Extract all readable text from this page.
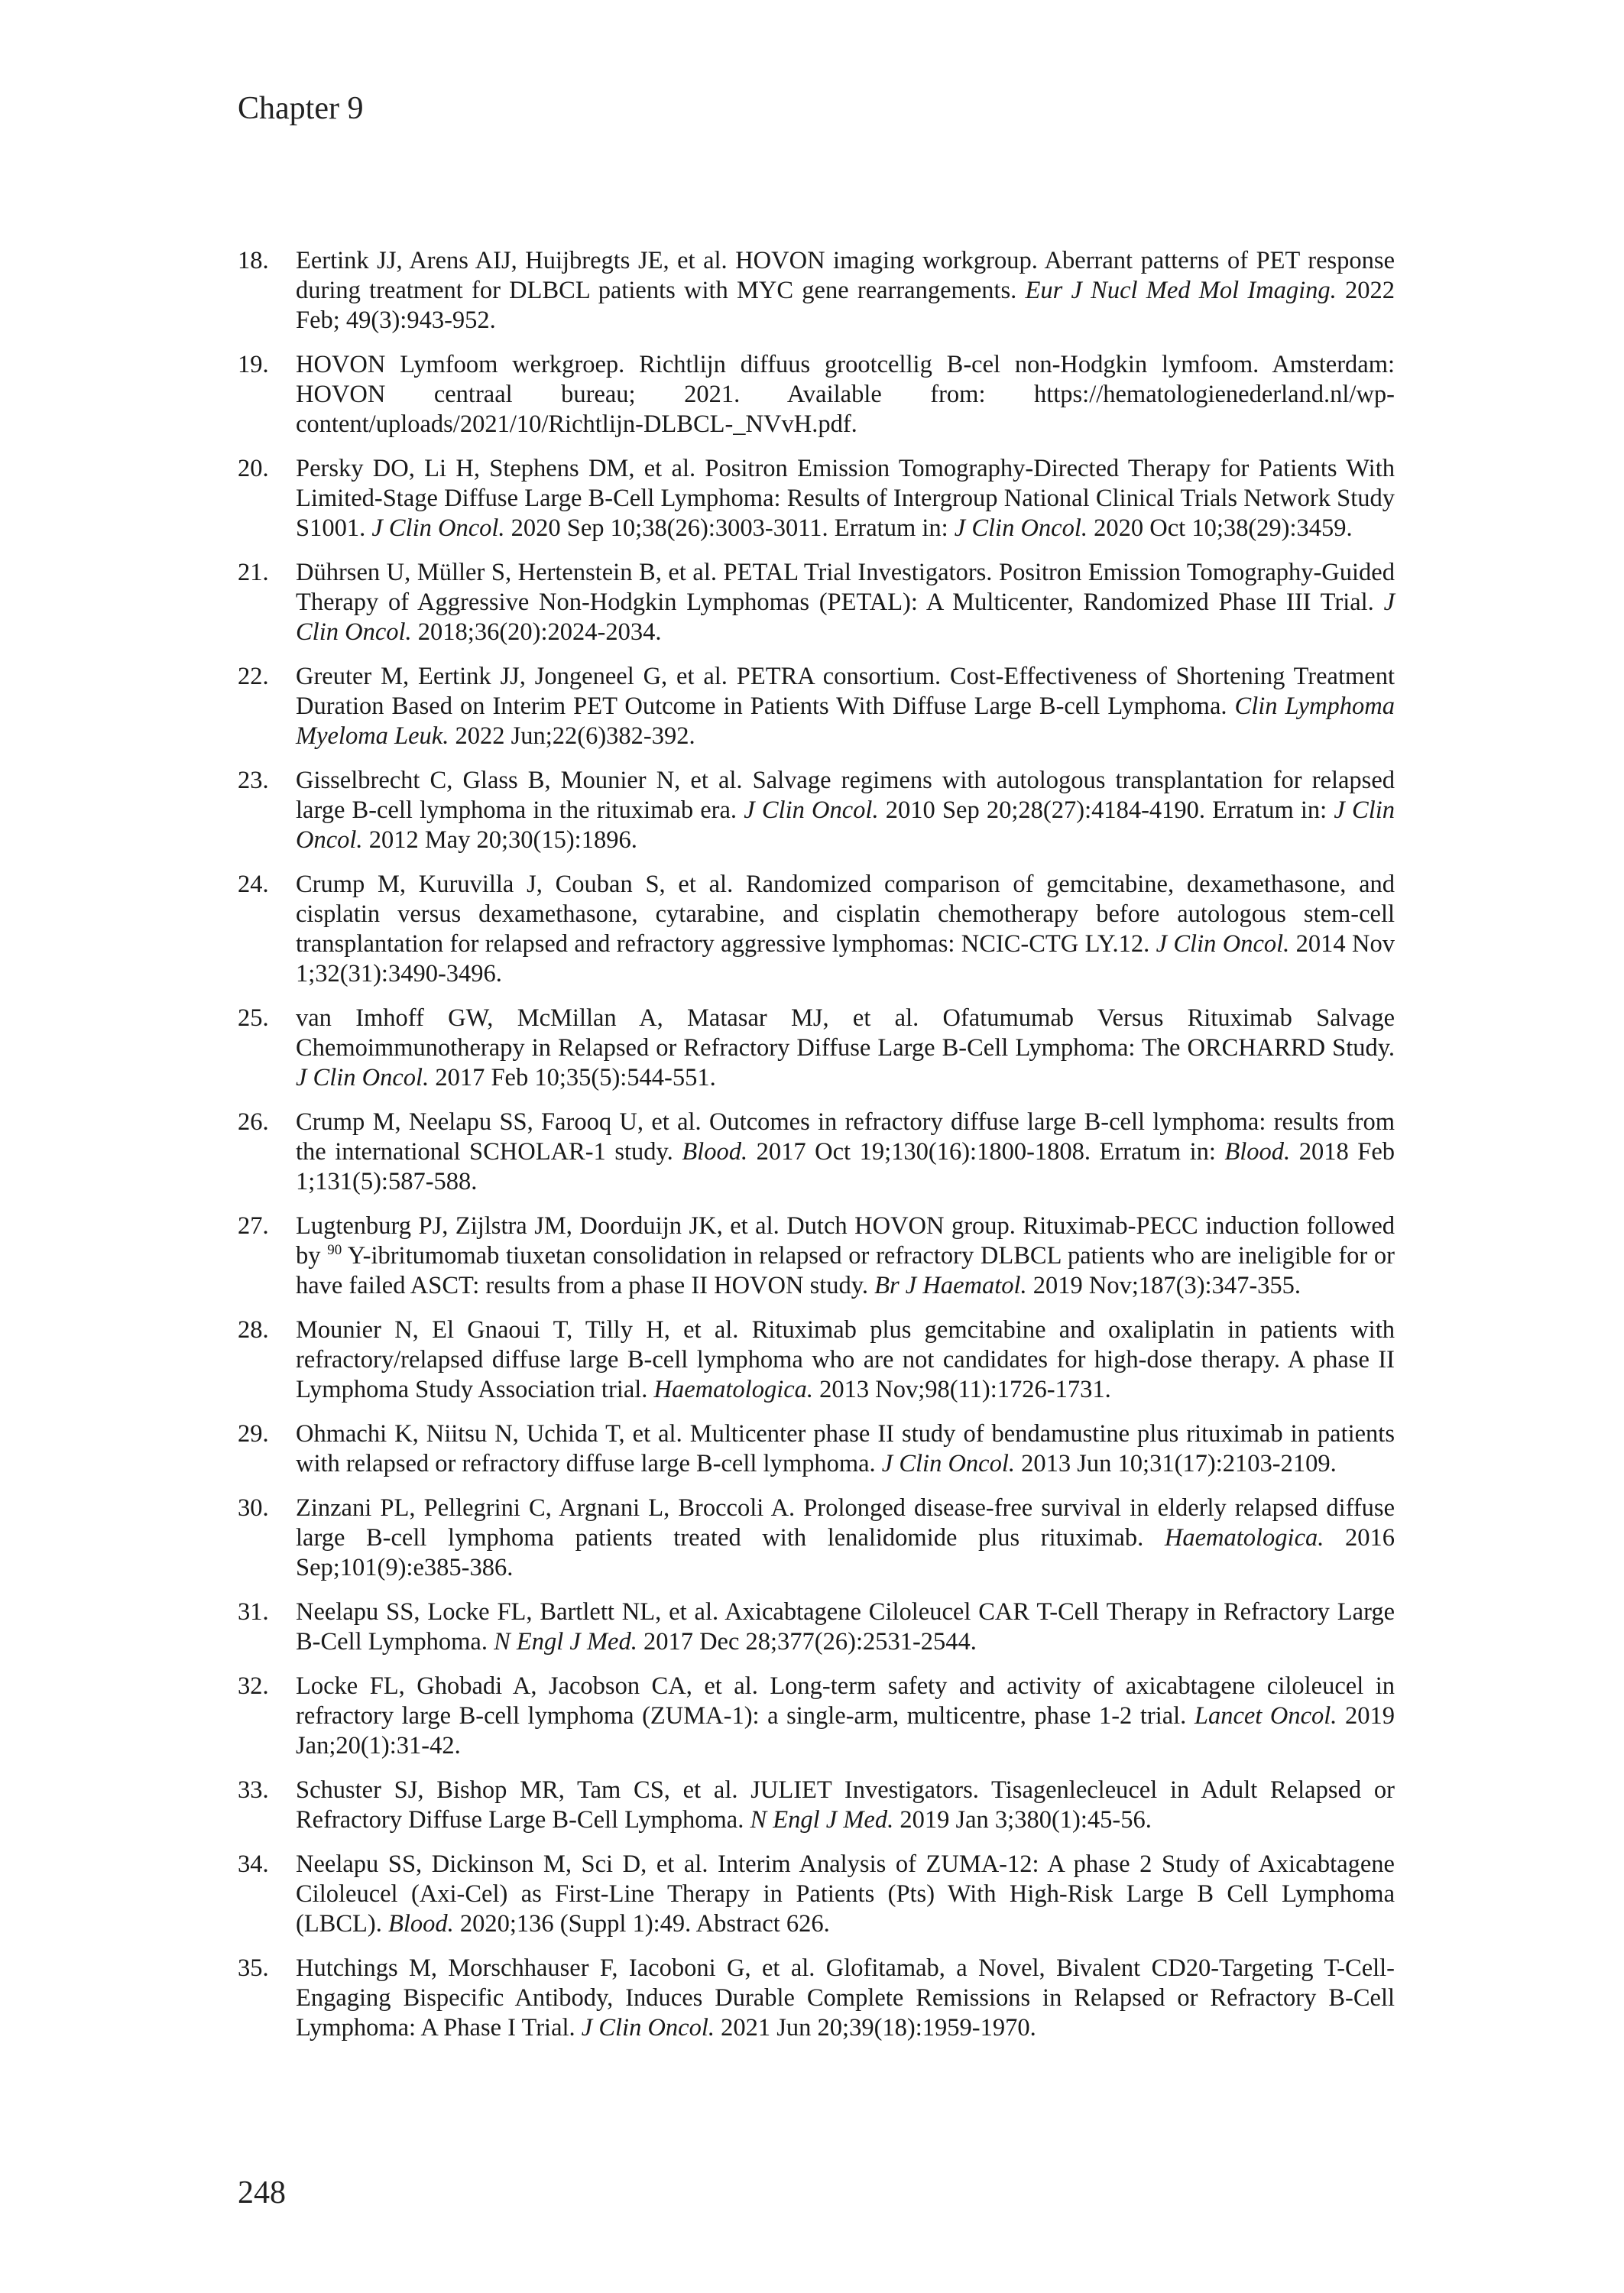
Chapter 9
18. Eertink JJ, Arens AIJ, Huijbregts JE, et al. HOVON imaging workgroup. Aberrant patterns of PET response during treatment for DLBCL patients with MYC gene rearrangements. Eur J Nucl Med Mol Imaging. 2022 Feb; 49(3):943-952.
19. HOVON Lymfoom werkgroep. Richtlijn diffuus grootcellig B-cel non-Hodgkin lymfoom. Amsterdam: HOVON centraal bureau; 2021. Available from: https://hematologienederland.nl/wp-content/uploads/2021/10/Richtlijn-DLBCL-_NVvH.pdf.
20. Persky DO, Li H, Stephens DM, et al. Positron Emission Tomography-Directed Therapy for Patients With Limited-Stage Diffuse Large B-Cell Lymphoma: Results of Intergroup National Clinical Trials Network Study S1001. J Clin Oncol. 2020 Sep 10;38(26):3003-3011. Erratum in: J Clin Oncol. 2020 Oct 10;38(29):3459.
21. Dührsen U, Müller S, Hertenstein B, et al. PETAL Trial Investigators. Positron Emission Tomography-Guided Therapy of Aggressive Non-Hodgkin Lymphomas (PETAL): A Multicenter, Randomized Phase III Trial. J Clin Oncol. 2018;36(20):2024-2034.
22. Greuter M, Eertink JJ, Jongeneel G, et al. PETRA consortium. Cost-Effectiveness of Shortening Treatment Duration Based on Interim PET Outcome in Patients With Diffuse Large B-cell Lymphoma. Clin Lymphoma Myeloma Leuk. 2022 Jun;22(6)382-392.
23. Gisselbrecht C, Glass B, Mounier N, et al. Salvage regimens with autologous transplantation for relapsed large B-cell lymphoma in the rituximab era. J Clin Oncol. 2010 Sep 20;28(27):4184-4190. Erratum in: J Clin Oncol. 2012 May 20;30(15):1896.
24. Crump M, Kuruvilla J, Couban S, et al. Randomized comparison of gemcitabine, dexamethasone, and cisplatin versus dexamethasone, cytarabine, and cisplatin chemotherapy before autologous stem-cell transplantation for relapsed and refractory aggressive lymphomas: NCIC-CTG LY.12. J Clin Oncol. 2014 Nov 1;32(31):3490-3496.
25. van Imhoff GW, McMillan A, Matasar MJ, et al. Ofatumumab Versus Rituximab Salvage Chemoimmunotherapy in Relapsed or Refractory Diffuse Large B-Cell Lymphoma: The ORCHARRD Study. J Clin Oncol. 2017 Feb 10;35(5):544-551.
26. Crump M, Neelapu SS, Farooq U, et al. Outcomes in refractory diffuse large B-cell lymphoma: results from the international SCHOLAR-1 study. Blood. 2017 Oct 19;130(16):1800-1808. Erratum in: Blood. 2018 Feb 1;131(5):587-588.
27. Lugtenburg PJ, Zijlstra JM, Doorduijn JK, et al. Dutch HOVON group. Rituximab-PECC induction followed by $^{90}$ Y-ibritumomab tiuxetan consolidation in relapsed or refractory DLBCL patients who are ineligible for or have failed ASCT: results from a phase II HOVON study. Br J Haematol. 2019 Nov;187(3):347-355.
28. Mounier N, El Gnaoui T, Tilly H, et al. Rituximab plus gemcitabine and oxaliplatin in patients with refractory/relapsed diffuse large B-cell lymphoma who are not candidates for high-dose therapy. A phase II Lymphoma Study Association trial. Haematologica. 2013 Nov;98(11):1726-1731.
29. Ohmachi K, Niitsu N, Uchida T, et al. Multicenter phase II study of bendamustine plus rituximab in patients with relapsed or refractory diffuse large B-cell lymphoma. J Clin Oncol. 2013 Jun 10;31(17):2103-2109.
30. Zinzani PL, Pellegrini C, Argnani L, Broccoli A. Prolonged disease-free survival in elderly relapsed diffuse large B-cell lymphoma patients treated with lenalidomide plus rituximab. Haematologica. 2016 Sep;101(9):e385-386.
31. Neelapu SS, Locke FL, Bartlett NL, et al. Axicabtagene Ciloleucel CAR T-Cell Therapy in Refractory Large B-Cell Lymphoma. N Engl J Med. 2017 Dec 28;377(26):2531-2544.
32. Locke FL, Ghobadi A, Jacobson CA, et al. Long-term safety and activity of axicabtagene ciloleucel in refractory large B-cell lymphoma (ZUMA-1): a single-arm, multicentre, phase 1-2 trial. Lancet Oncol. 2019 Jan;20(1):31-42.
33. Schuster SJ, Bishop MR, Tam CS, et al. JULIET Investigators. Tisagenlecleucel in Adult Relapsed or Refractory Diffuse Large B-Cell Lymphoma. N Engl J Med. 2019 Jan 3;380(1):45-56.
34. Neelapu SS, Dickinson M, Sci D, et al. Interim Analysis of ZUMA-12: A phase 2 Study of Axicabtagene Ciloleucel (Axi-Cel) as First-Line Therapy in Patients (Pts) With High-Risk Large B Cell Lymphoma (LBCL). Blood. 2020;136 (Suppl 1):49. Abstract 626.
35. Hutchings M, Morschhauser F, Iacoboni G, et al. Glofitamab, a Novel, Bivalent CD20-Targeting T-Cell-Engaging Bispecific Antibody, Induces Durable Complete Remissions in Relapsed or Refractory B-Cell Lymphoma: A Phase I Trial. J Clin Oncol. 2021 Jun 20;39(18):1959-1970.
248
